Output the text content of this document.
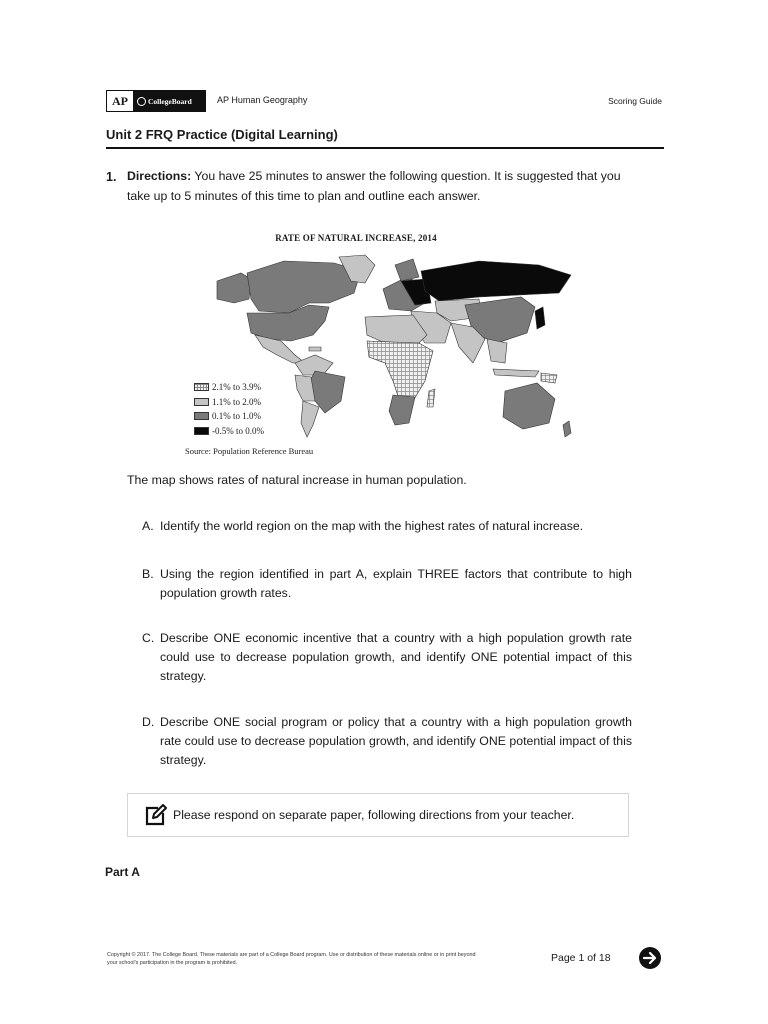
AP	CollegeBoard	AP Human Geography	Scoring Guide
Unit 2 FRQ Practice (Digital Learning)
1. Directions: You have 25 minutes to answer the following question. It is suggested that you take up to 5 minutes of this time to plan and outline each answer.
RATE OF NATURAL INCREASE, 2014
2.1% to 3.9%
1.1% to 2.0%
0.1% to 1.0%
-0.5% to 0.0%
Source: Population Reference Bureau
The map shows rates of natural increase in human population.
A. Identify the world region on the map with the highest rates of natural increase.
B. Using the region identified in part A, explain THREE factors that contribute to high population growth rates.
C. Describe ONE economic incentive that a country with a high population growth rate could use to decrease population growth, and identify ONE potential impact of this strategy.
D. Describe ONE social program or policy that a country with a high population growth rate could use to decrease population growth, and identify ONE potential impact of this strategy.
Please respond on separate paper, following directions from your teacher.
Part A
Copyright © 2017. The College Board. These materials are part of a College Board program. Use or distribution of these materials online or in print beyond your school's participation in the program is prohibited.	Page 1 of 18
